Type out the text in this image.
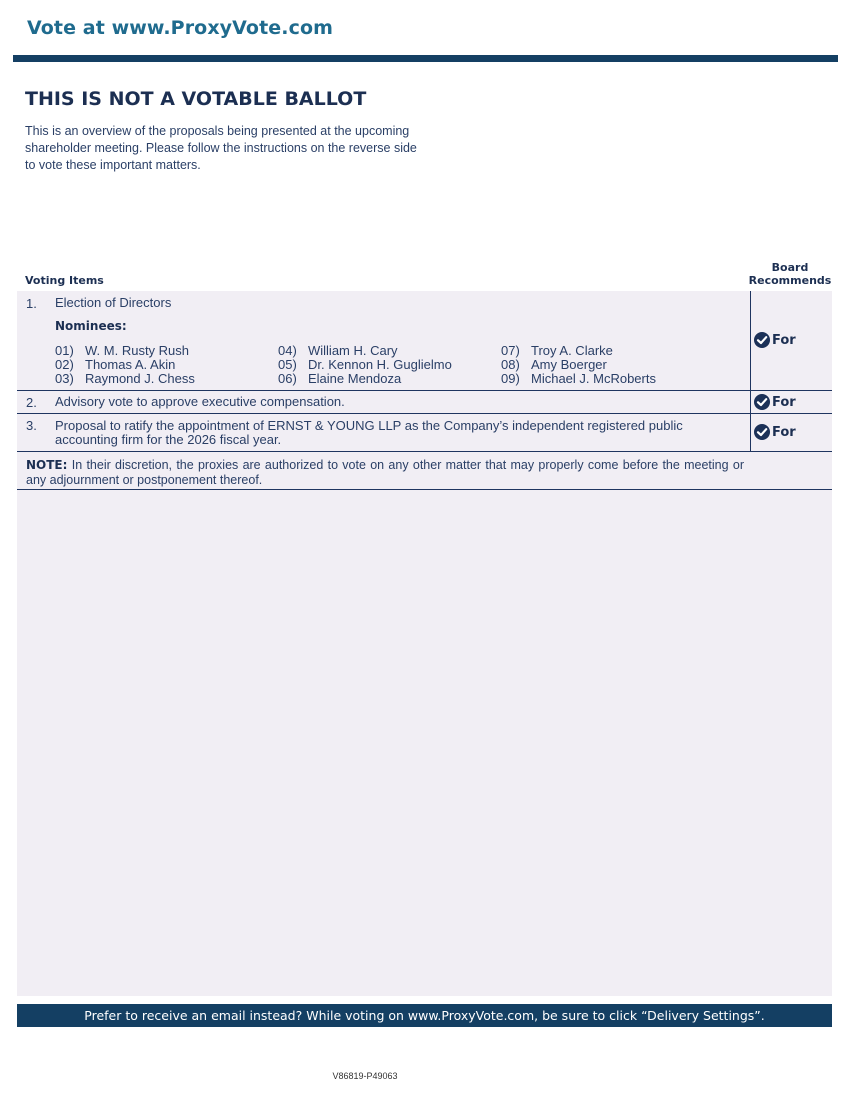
Vote at www.ProxyVote.com
THIS IS NOT A VOTABLE BALLOT
This is an overview of the proposals being presented at the upcoming shareholder meeting. Please follow the instructions on the reverse side to vote these important matters.
Voting Items
Board
Recommends
1. Election of Directors
Nominees:
01) W. M. Rusty Rush
02) Thomas A. Akin
03) Raymond J. Chess
04) William H. Cary
05) Dr. Kennon H. Guglielmo
06) Elaine Mendoza
07) Troy A. Clarke
08) Amy Boerger
09) Michael J. McRoberts
For
2. Advisory vote to approve executive compensation.	For
3. Proposal to ratify the appointment of ERNST & YOUNG LLP as the Company’s independent registered public accounting firm for the 2026 fiscal year.	For
NOTE: In their discretion, the proxies are authorized to vote on any other matter that may properly come before the meeting or any adjournment or postponement thereof.
Prefer to receive an email instead? While voting on www.ProxyVote.com, be sure to click “Delivery Settings”.
V86819-P49063
